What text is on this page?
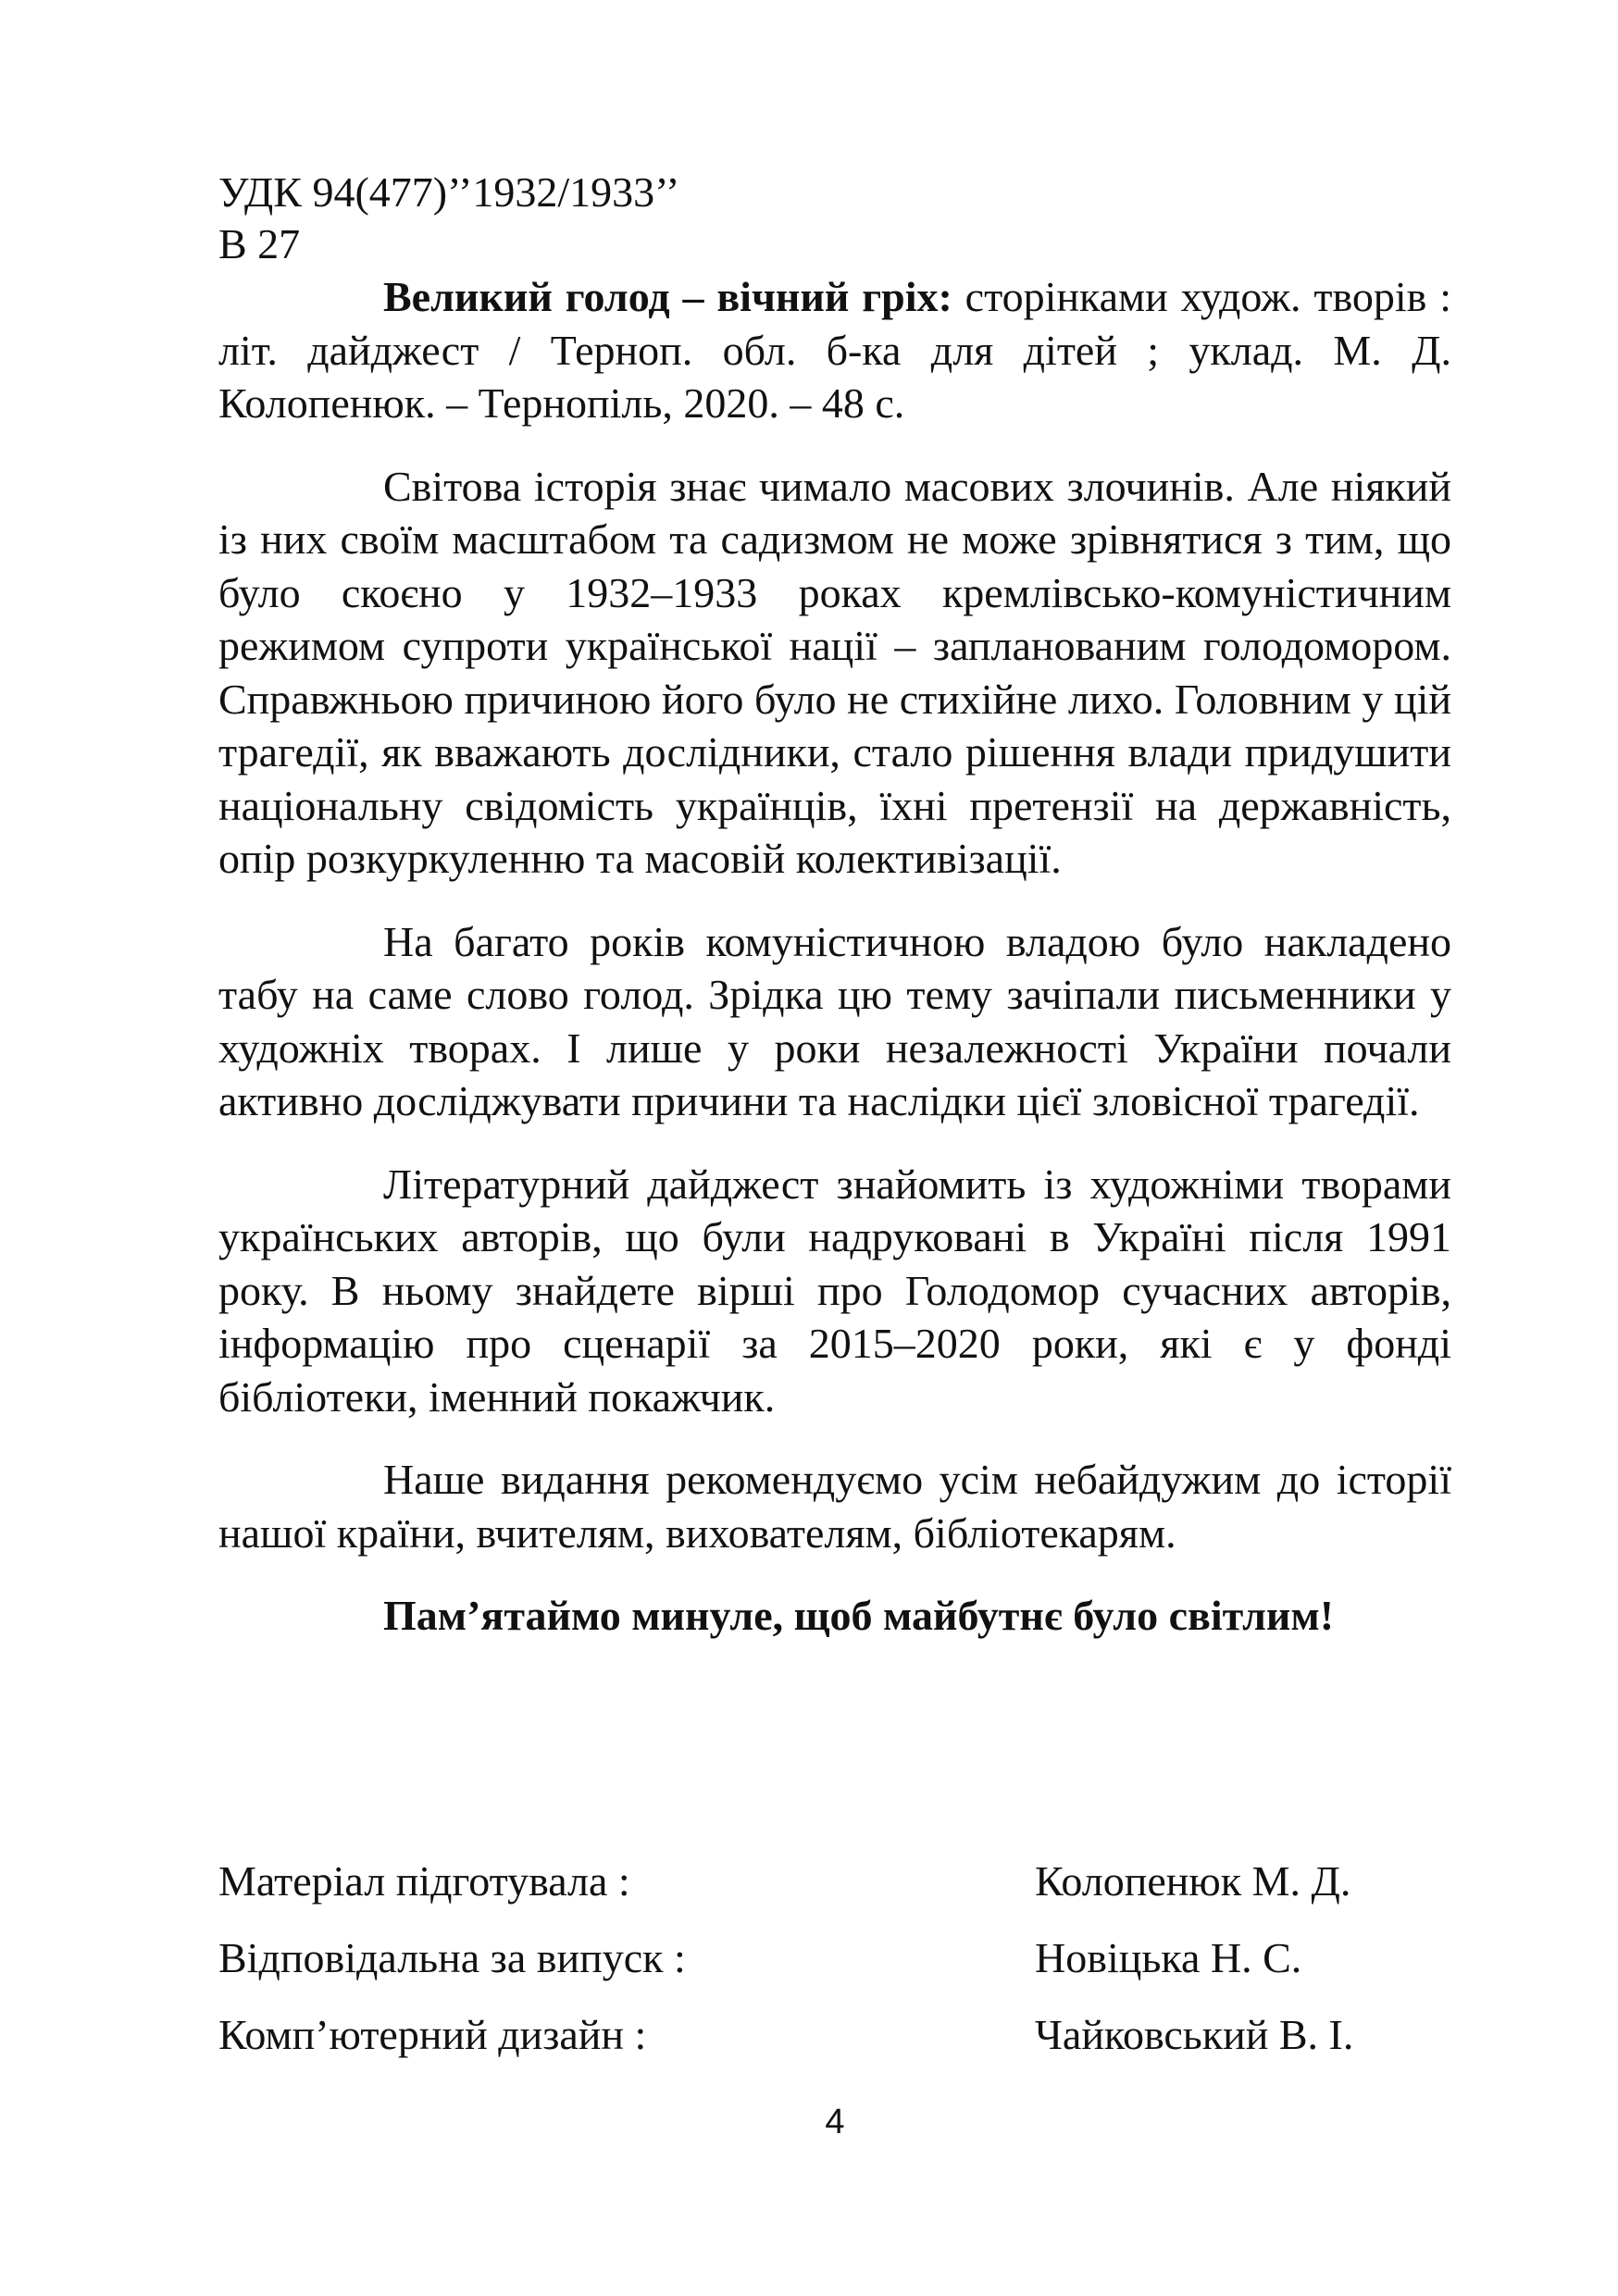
УДК 94(477)’’1932/1933’’
В 27

Великий голод – вічний гріх: сторінками худож. творів : літ. дайджест / Терноп. обл. б-ка для дітей ; уклад. М. Д. Колопенюк. – Тернопіль, 2020. – 48 с.

Світова історія знає чимало масових злочинів. Але ніякий із них своїм масштабом та садизмом не може зрівнятися з тим, що було скоєно у 1932–1933 роках кремлівсько-комуністичним режимом супроти української нації – запланованим голодомором. Справжньою причиною його було не стихійне лихо. Головним у цій трагедії, як вважають дослідники, стало рішення влади придушити національну свідомість українців, їхні претензії на державність, опір розкуркуленню та масовій колективізації.

На багато років комуністичною владою було накладено табу на саме слово голод. Зрідка цю тему зачіпали письменники у художніх творах. І лише у роки незалежності України почали активно досліджувати причини та наслідки цієї зловісної трагедії.

Літературний дайджест знайомить із художніми творами українських авторів, що були надруковані в Україні після 1991 року. В ньому знайдете вірші про Голодомор сучасних авторів, інформацію про сценарії за 2015–2020 роки, які є у фонді бібліотеки, іменний покажчик.

Наше видання рекомендуємо усім небайдужим до історії нашої країни, вчителям, вихователям, бібліотекарям.

Пам’ятаймо минуле, щоб майбутнє було світлим!

Матеріал підготувала :	Колопенюк М. Д.
Відповідальна за випуск :	Новіцька Н. С.
Комп’ютерний дизайн :	Чайковський В. І.
4
